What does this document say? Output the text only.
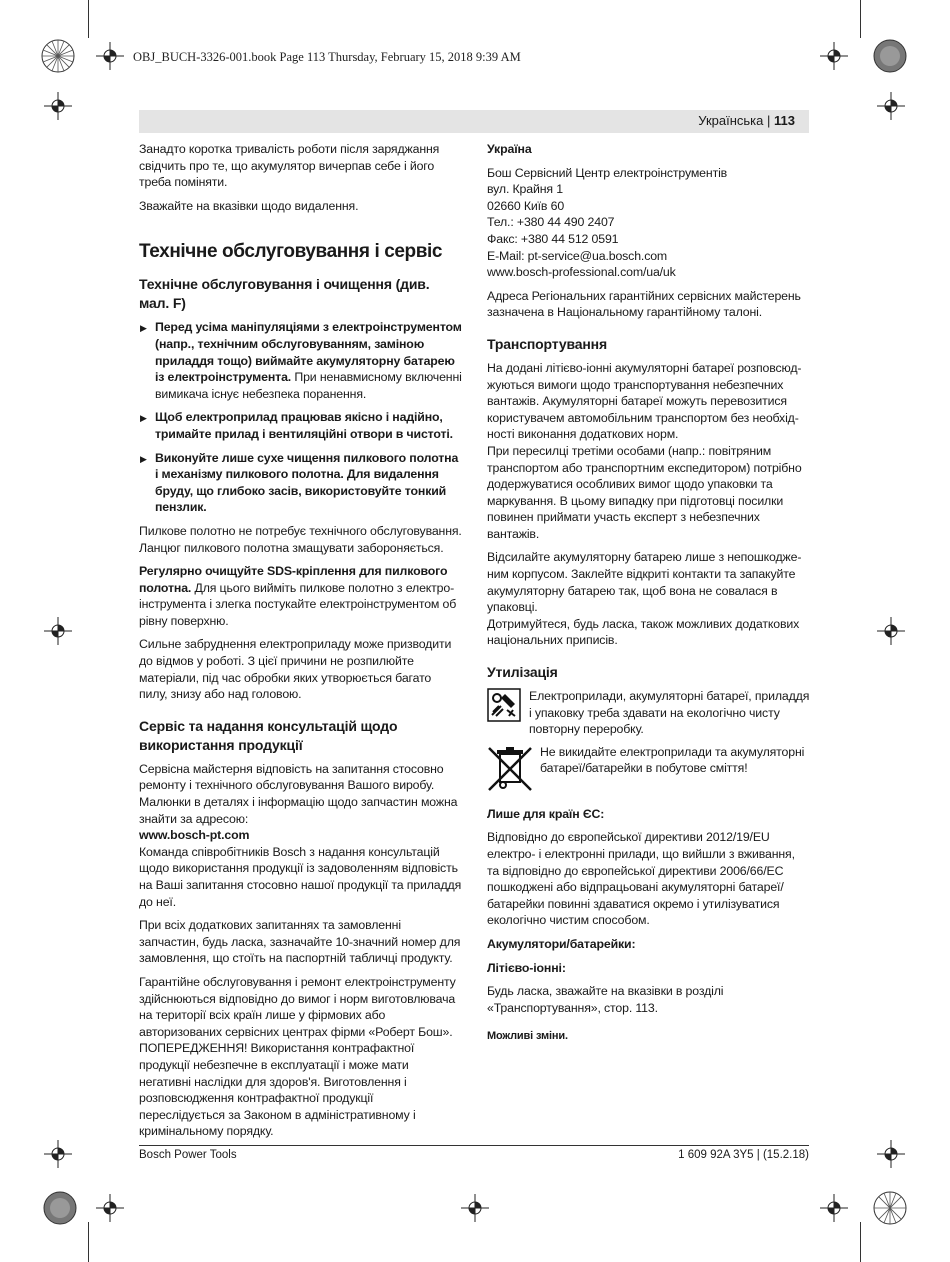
OBJ_BUCH-3326-001.book Page 113 Thursday, February 15, 2018 9:39 AM
Українська | 113

Занадто коротка тривалість роботи після заряджання свідчить про те, що акумулятор вичерпав себе і його треба поміняти.

Зважайте на вказівки щодо видалення.

Технічне обслуговування і сервіс
Технічне обслуговування і очищення (див. мал. F)

▶ Перед усіма маніпуляціями з електроінструментом (напр., технічним обслуговуванням, заміною приладдя тощо) виймайте акумуляторну батарею із електроінструмента. При ненавмисному включенні вимикача існує небезпека поранення.

▶ Щоб електроприлад працював якісно і надійно, тримайте прилад і вентиляційні отвори в чистоті.

▶ Виконуйте лише сухе чищення пилкового полотна і механізму пилкового полотна. Для видалення бруду, що глибоко засів, використовуйте тонкий пензлик.

Пилкове полотно не потребує технічного обслуговування. Ланцюг пилкового полотна змащувати забороняється.

Регулярно очищуйте SDS-кріплення для пилкового полотна. Для цього вийміть пилкове полотно з електроінструмента і злегка постукайте електроінструментом об рівну поверхню.

Сильне забруднення електроприладу може призводити до відмов у роботі. З цієї причини не розпилюйте матеріали, під час обробки яких утворюється багато пилу, знизу або над головою.

Сервіс та надання консультацій щодо використання продукції

Сервісна майстерня відповість на запитання стосовно ремонту і технічного обслуговування Вашого виробу. Малюнки в деталях і інформацію щодо запчастин можна знайти за адресою:

www.bosch-pt.com

Команда співробітників Bosch з надання консультацій щодо використання продукції із задоволенням відповість на Ваші запитання стосовно нашої продукції та приладдя до неї.

При всіх додаткових запитаннях та замовленні запчастин, будь ласка, зазначайте 10-значний номер для замовлення, що стоїть на паспортній табличці продукту.

Гарантійне обслуговування і ремонт електроінструменту здійснюються відповідно до вимог і норм виготовлювача на території всіх країн лише у фірмових або авторизованих сервісних центрах фірми «Роберт Бош». ПОПЕРЕДЖЕННЯ! Використання контрафактної продукції небезпечне в експлуатації і може мати негативні наслідки для здоров'я. Виготовлення і розповсюдження контрафактної продукції переслідується за Законом в адміністративному і кримінальному порядку.

Україна

Бош Сервісний Центр електроінструментів
вул. Крайня 1
02660 Київ 60
Тел.: +380 44 490 2407
Факс: +380 44 512 0591
E-Mail: pt-service@ua.bosch.com
www.bosch-professional.com/ua/uk

Адреса Регіональних гарантійних сервісних майстерень зазначена в Національному гарантійному талоні.

Транспортування

На додані літієво-іонні акумуляторні батареї розповсюджуються вимоги щодо транспортування небезпечних вантажів. Акумуляторні батареї можуть перевозитися користувачем автомобільним транспортом без необхідності виконання додаткових норм.

При пересилці третіми особами (напр.: повітряним транспортом або транспортним експедитором) потрібно додержуватися особливих вимог щодо упаковки та маркування. В цьому випадку при підготовці посилки повинен приймати участь експерт з небезпечних вантажів.

Відсилайте акумуляторну батарею лише з непошкодженим корпусом. Заклейте відкриті контакти та запакуйте акумуляторну батарею так, щоб вона не совалася в упаковці.

Дотримуйтеся, будь ласка, також можливих додаткових національних приписів.

Утилізація
Електроприлади, акумуляторні батареї, приладдя і упаковку треба здавати на екологічно чисту повторну переробку.
Не викидайте електроприлади та акумуляторні батареї/батарейки в побутове сміття!

Лише для країн ЄС:

Відповідно до європейської директиви 2012/19/EU електро- і електронні прилади, що вийшли з вживання, та відповідно до європейської директиви 2006/66/EC пошкоджені або відпрацьовані акумуляторні батареї/батарейки повинні здаватися окремо і утилізуватися екологічно чистим способом.

Акумулятори/батарейки:

Літієво-іонні:

Будь ласка, зважайте на вказівки в розділі «Транспортування», стор. 113.

Можливі зміни.

Bosch Power Tools	1 609 92A 3Y5 | (15.2.18)
